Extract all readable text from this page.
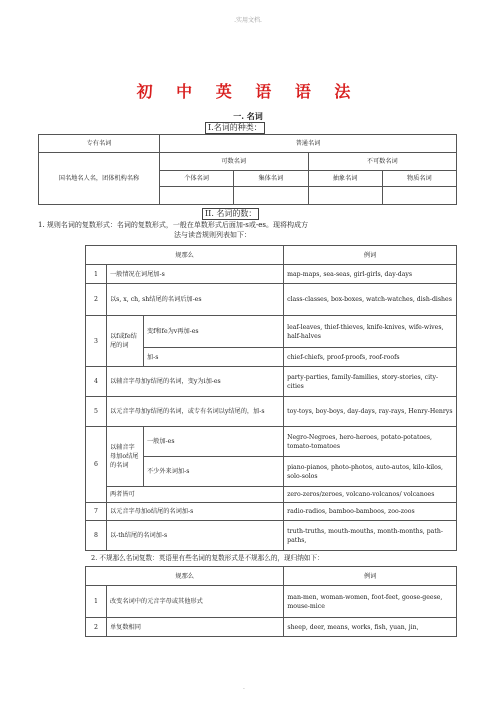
.实用文档.
初 中 英 语 语 法
一. 名词
I.名词的种类：
专有名词	普通名词			
国名地名人名，团体机构名称	可数名词		不可数名词	
	个体名词	集体名词	抽象名词	物质名词

II. 名词的数：
1. 规则名词的复数形式：名词的复数形式，一般在单数形式后面加-s或-es。现将构成方
法与读音规则列表如下：
规那么			例词
1	一般情况在词尾加-s		map-maps, sea-seas, girl-girls, day-days
2	以s, x, ch, sh结尾的名词后加-es		class-classes, box-boxes, watch-watches, dish-dishes
3	以f或fe结尾的词	变f和fe为v再加-es	leaf-leaves, thief-thieves, knife-knives, wife-wives, half-halves
		加-s	chief-chiefs, proof-proofs, roof-roofs
4	以辅音字母加y结尾的名词，变y为i加-es		party-parties, family-families, story-stories, city-cities
5	以元音字母加y结尾的名词，或专有名词以y结尾的，加-s		toy-toys, boy-boys, day-days, ray-rays, Henry-Henrys
6	以辅音字母加o结尾的名词	一般加-es	Negro-Negroes, hero-heroes, potato-potatoes, tomato-tomatoes
		不少外来词加-s	piano-pianos, photo-photos, auto-autos, kilo-kilos, solo-solos
	两者皆可		zero-zeros/zeroes, volcano-volcanos/ volcanoes
7	以元音字母加o结尾的名词加-s		radio-radios, bamboo-bamboos, zoo-zoos
8	以-th结尾的名词加-s		truth-truths, mouth-mouths, month-months, path-paths,
2. 不规那么名词复数：英语里有些名词的复数形式是不规那么的，现归纳如下：
规那么		例词
1	改变名词中的元音字母或其他形式	man-men, woman-women, foot-feet, goose-geese, mouse-mice
2	单复数相同	sheep, deer, means, works, fish, yuan, jin,
.
